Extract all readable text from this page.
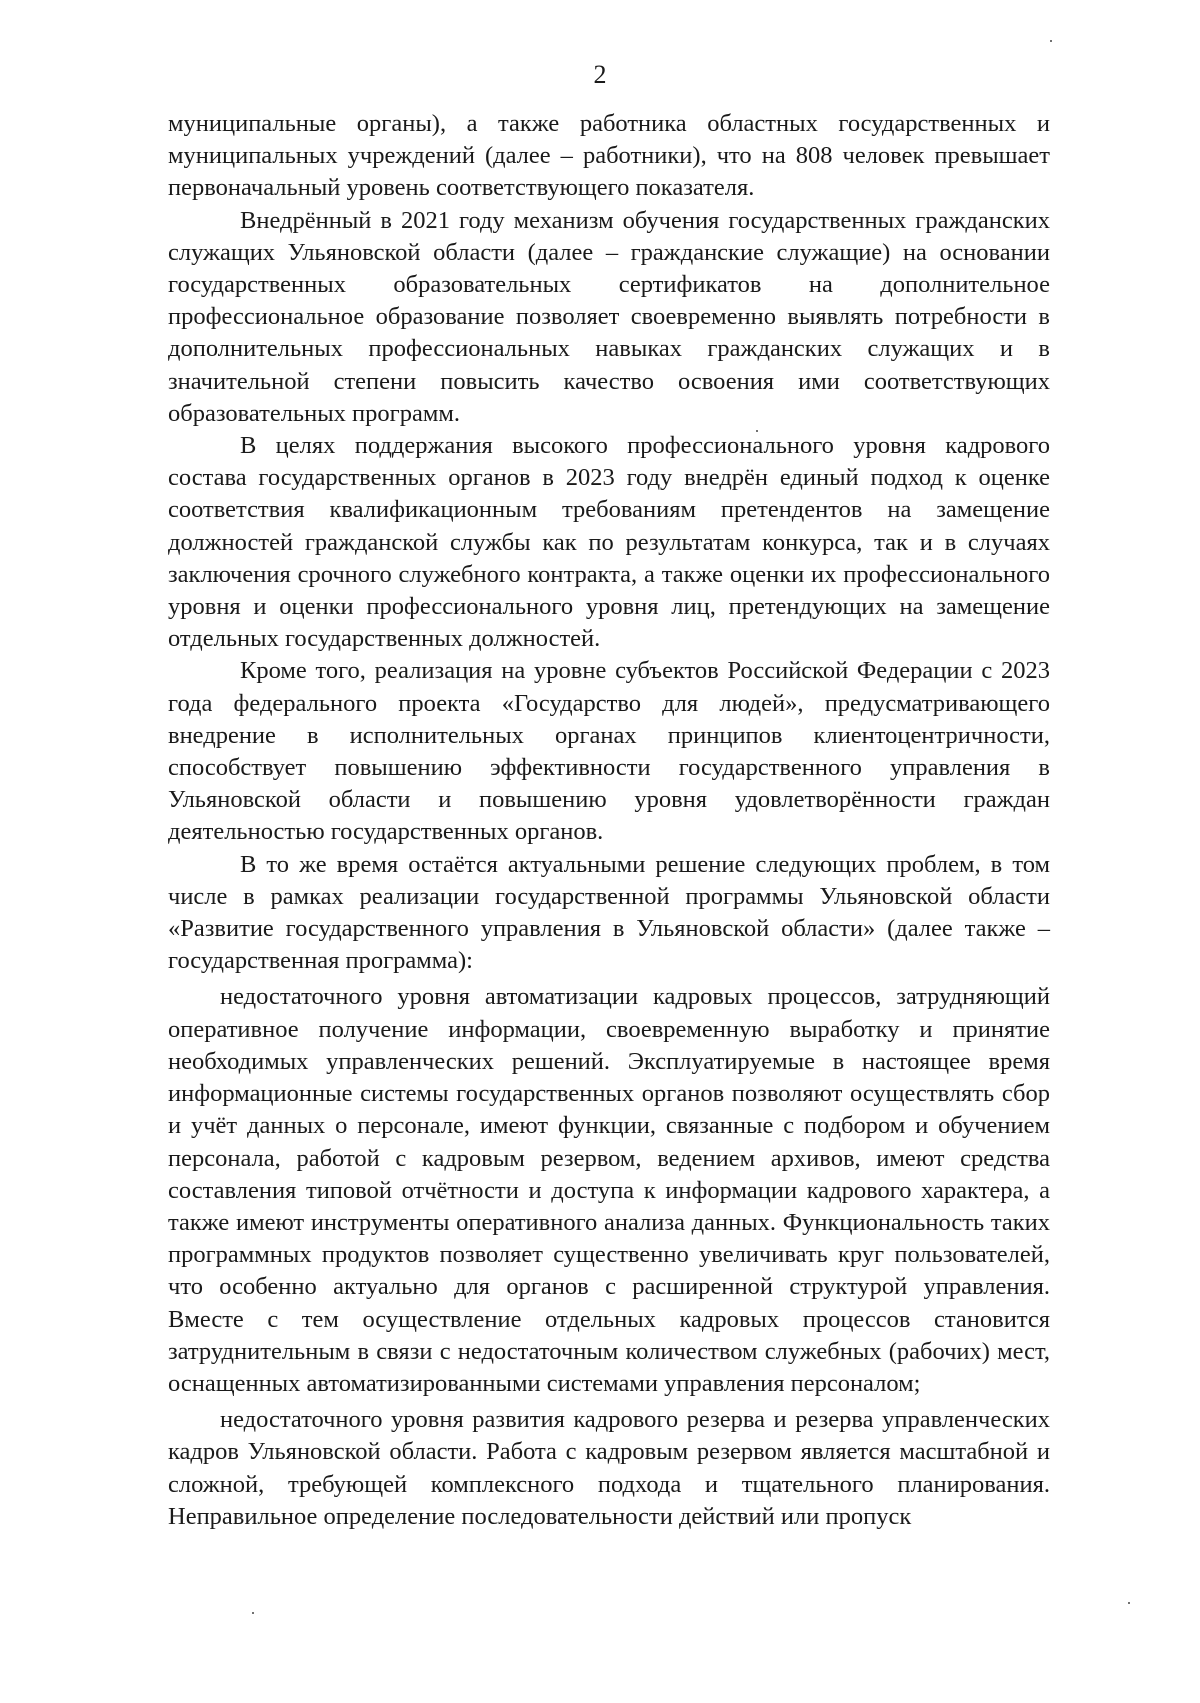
2

муниципальные органы), а также работника областных государственных и муниципальных учреждений (далее – работники), что на 808 человек превышает первоначальный уровень соответствующего показателя.

Внедрённый в 2021 году механизм обучения государственных гражданских служащих Ульяновской области (далее – гражданские служащие) на основании государственных образовательных сертификатов на дополнительное профессиональное образование позволяет своевременно выявлять потребности в дополнительных профессиональных навыках гражданских служащих и в значительной степени повысить качество освоения ими соответствующих образовательных программ.

В целях поддержания высокого профессионального уровня кадрового состава государственных органов в 2023 году внедрён единый подход к оценке соответствия квалификационным требованиям претендентов на замещение должностей гражданской службы как по результатам конкурса, так и в случаях заключения срочного служебного контракта, а также оценки их профессионального уровня и оценки профессионального уровня лиц, претендующих на замещение отдельных государственных должностей.

Кроме того, реализация на уровне субъектов Российской Федерации с 2023 года федерального проекта «Государство для людей», предусматривающего внедрение в исполнительных органах принципов клиентоцентричности, способствует повышению эффективности государственного управления в Ульяновской области и повышению уровня удовлетворённости граждан деятельностью государственных органов.

В то же время остаётся актуальными решение следующих проблем, в том числе в рамках реализации государственной программы Ульяновской области «Развитие государственного управления в Ульяновской области» (далее также – государственная программа):

недостаточного уровня автоматизации кадровых процессов, затрудняющий оперативное получение информации, своевременную выработку и принятие необходимых управленческих решений. Эксплуатируемые в настоящее время информационные системы государственных органов позволяют осуществлять сбор и учёт данных о персонале, имеют функции, связанные с подбором и обучением персонала, работой с кадровым резервом, ведением архивов, имеют средства составления типовой отчётности и доступа к информации кадрового характера, а также имеют инструменты оперативного анализа данных. Функциональность таких программных продуктов позволяет существенно увеличивать круг пользователей, что особенно актуально для органов с расширенной структурой управления. Вместе с тем осуществление отдельных кадровых процессов становится затруднительным в связи с недостаточным количеством служебных (рабочих) мест, оснащенных автоматизированными системами управления персоналом;

недостаточного уровня развития кадрового резерва и резерва управленческих кадров Ульяновской области. Работа с кадровым резервом является масштабной и сложной, требующей комплексного подхода и тщательного планирования. Неправильное определение последовательности действий или пропуск
